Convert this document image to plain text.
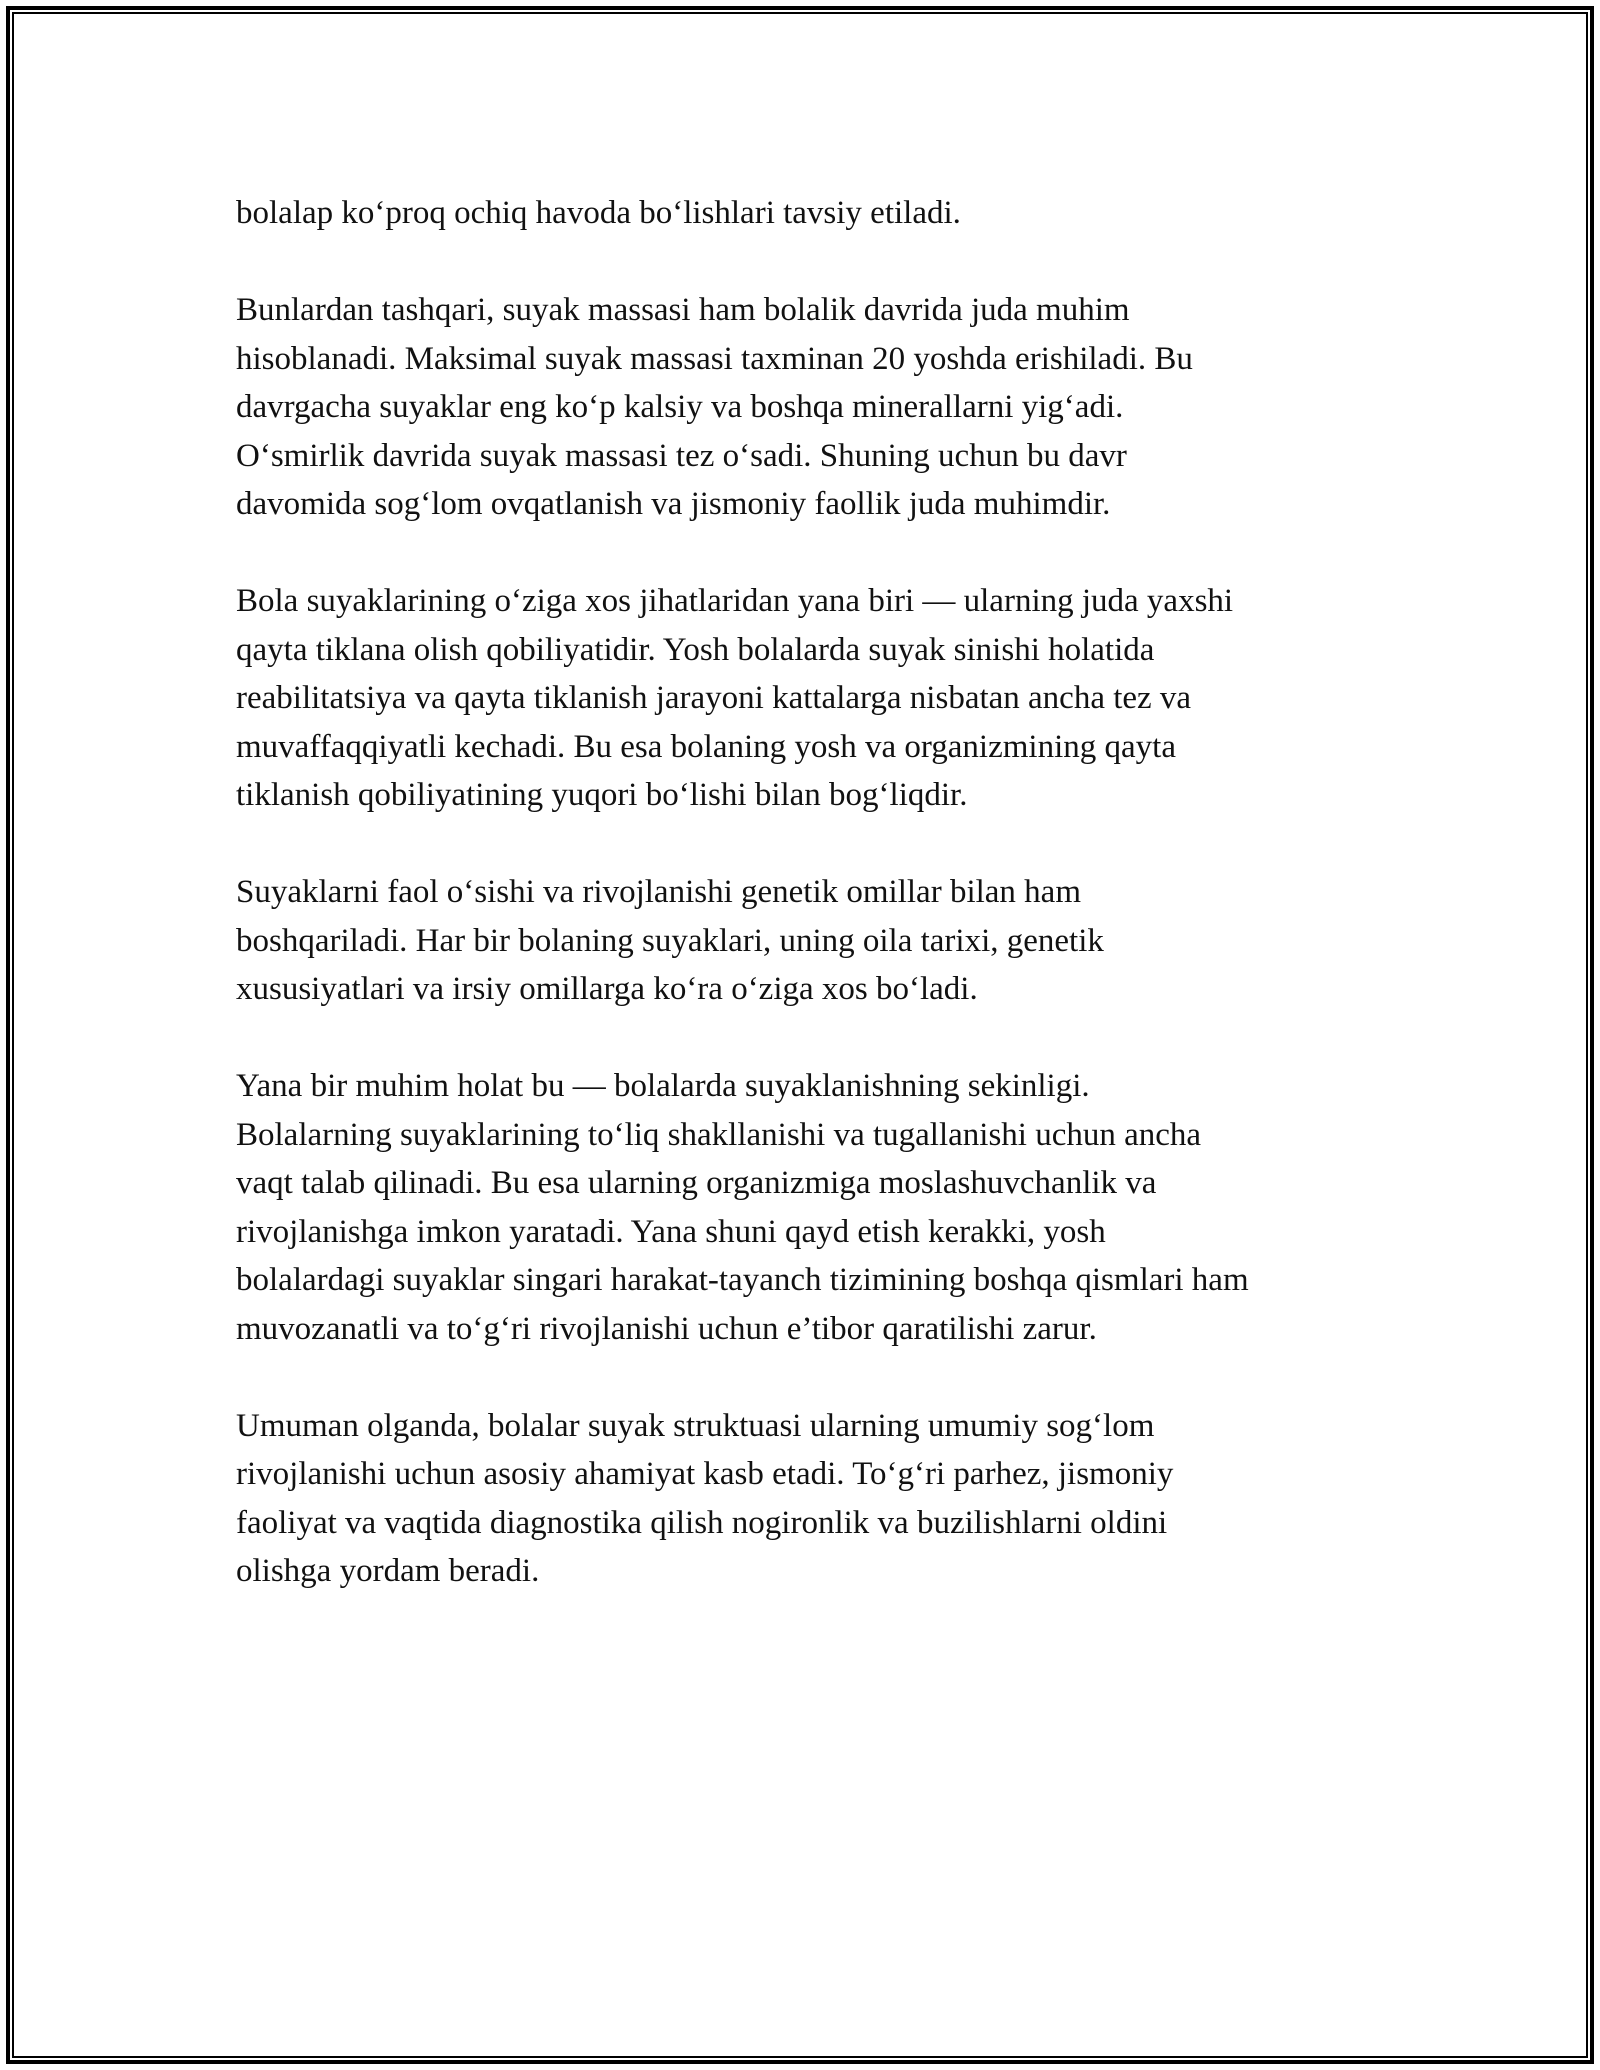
bolalaр ko‘proq ochiq havoda bo‘lishlari tavsiy etiladi.

Bunlardan tashqari, suyak massasi ham bolalik davrida juda muhim
hisoblanadi. Maksimal suyak massasi taxminan 20 yoshda erishiladi. Bu
davrgacha suyaklar eng ko‘p kalsiy va boshqa minerallarni yig‘adi.
O‘smirlik davrida suyak massasi tez o‘sadi. Shuning uchun bu davr
davomida sog‘lom ovqatlanish va jismoniy faollik juda muhimdir.

Bola suyaklarining o‘ziga xos jihatlaridan yana biri — ularning juda yaxshi
qayta tiklana olish qobiliyatidir. Yosh bolalarda suyak sinishi holatida
reabilitatsiya va qayta tiklanish jarayoni kattalarga nisbatan ancha tez va
muvaffaqqiyatli kechadi. Bu esa bolaning yosh va organizmining qayta
tiklanish qobiliyatining yuqori bo‘lishi bilan bog‘liqdir.

Suyaklarni faol o‘sishi va rivojlanishi genetik omillar bilan ham
boshqariladi. Har bir bolaning suyaklari, uning oila tarixi, genetik
xususiyatlari va irsiy omillarga ko‘ra o‘ziga xos bo‘ladi.

Yana bir muhim holat bu — bolalarda suyaklanishning sekinligi.
Bolalarning suyaklarining to‘liq shakllanishi va tugallanishi uchun ancha
vaqt talab qilinadi. Bu esa ularning organizmiga moslashuvchanlik va
rivojlanishga imkon yaratadi. Yana shuni qayd etish kerakki, yosh
bolalardagi suyaklar singari harakat-tayanch tizimining boshqa qismlari ham
muvozanatli va to‘g‘ri rivojlanishi uchun e’tibor qaratilishi zarur.

Umuman olganda, bolalar suyak struktuasi ularning umumiy sog‘lom
rivojlanishi uchun asosiy ahamiyat kasb etadi. To‘g‘ri parhez, jismoniy
faoliyat va vaqtida diagnostika qilish nogironlik va buzilishlarni oldini
olishga yordam beradi.
